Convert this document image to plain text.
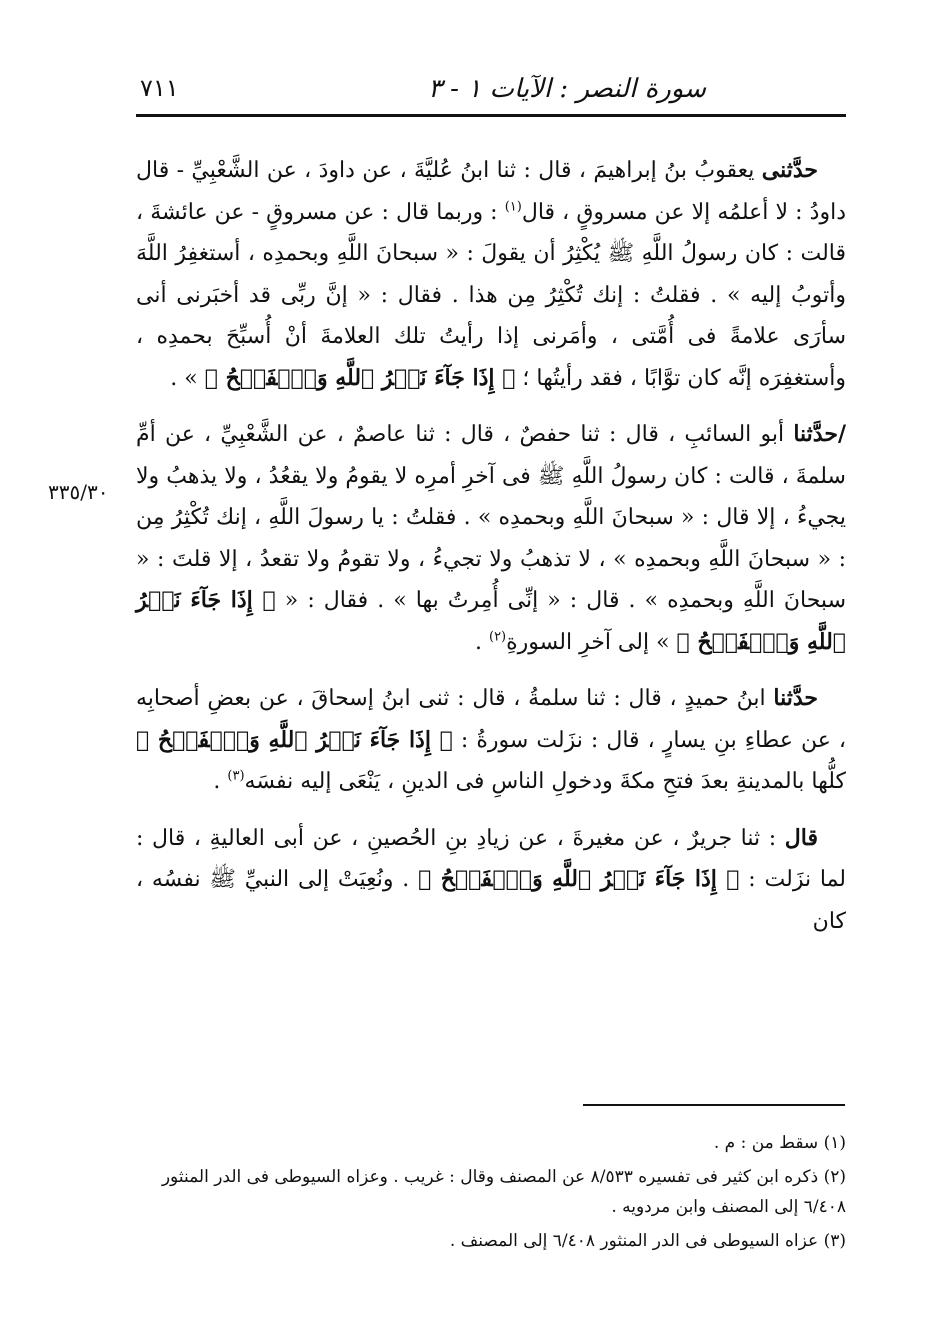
سورة النصر : الآيات ١ - ٣
٧١١
٣٣٥/٣٠

حدَّثنى يعقوبُ بنُ إبراهيمَ ، قال : ثنا ابنُ عُليَّةَ ، عن داودَ ، عن الشَّعْبِيِّ - قال داودُ : لا أعلمُه إلا عن مسروقٍ ، قال$^{(١)}$ : وربما قال : عن مسروقٍ - عن عائشةَ ، قالت : كان رسولُ اللَّهِ ﷺ يُكْثِرُ أن يقولَ : « سبحانَ اللَّهِ وبحمدِه ، أستغفِرُ اللَّهَ وأتوبُ إليه » . فقلتُ : إنك تُكْثِرُ مِن هذا . فقال : « إنَّ ربِّى قد أخبَرنى أنى سأرَى علامةً فى أُمَّتى ، وأمَرنى إذا رأيتُ تلك العلامةَ أنْ أُسبِّحَ بحمدِه ، وأستغفِرَه إنَّه كان توَّابًا ، فقد رأيتُها ؛ ﴿ إِذَا جَآءَ نَصۡرُ ٱللَّهِ وَٱلۡفَتۡحُ ﴾ » .

/حدَّثنا أبو السائبِ ، قال : ثنا حفصٌ ، قال : ثنا عاصمٌ ، عن الشَّعْبِيِّ ، عن أمِّ سلمةَ ، قالت : كان رسولُ اللَّهِ ﷺ فى آخرِ أمرِه لا يقومُ ولا يقعُدُ ، ولا يذهبُ ولا يجيءُ ، إلا قال : « سبحانَ اللَّهِ وبحمدِه » . فقلتُ : يا رسولَ اللَّهِ ، إنك تُكْثِرُ مِن : « سبحانَ اللَّهِ وبحمدِه » ، لا تذهبُ ولا تجيءُ ، ولا تقومُ ولا تقعدُ ، إلا قلتَ : « سبحانَ اللَّهِ وبحمدِه » . قال : « إنِّى أُمِرتُ بها » . فقال : « ﴿ إِذَا جَآءَ نَصۡرُ ٱللَّهِ وَٱلۡفَتۡحُ ﴾ » إلى آخرِ السورةِ$^{(٢)}$ .

حدَّثنا ابنُ حميدٍ ، قال : ثنا سلمةُ ، قال : ثنى ابنُ إسحاقَ ، عن بعضِ أصحابِه ، عن عطاءِ بنِ يسارٍ ، قال : نزَلت سورةُ : ﴿ إِذَا جَآءَ نَصۡرُ ٱللَّهِ وَٱلۡفَتۡحُ ﴾ كلُّها بالمدينةِ بعدَ فتحِ مكةَ ودخولِ الناسِ فى الدينِ ، يَنْعَى إليه نفسَه$^{(٣)}$ .

قال : ثنا جريرٌ ، عن مغيرةَ ، عن زيادِ بنِ الحُصينِ ، عن أبى العاليةِ ، قال : لما نزَلت : ﴿ إِذَا جَآءَ نَصۡرُ ٱللَّهِ وَٱلۡفَتۡحُ ﴾ . ونُعِيَتْ إلى النبيِّ ﷺ نفسُه ، كان

(١) سقط من : م .
(٢) ذكره ابن كثير فى تفسيره ٨/٥٣٣ عن المصنف وقال : غريب . وعزاه السيوطى فى الدر المنثور ٦/٤٠٨ إلى المصنف وابن مردويه .
(٣) عزاه السيوطى فى الدر المنثور ٦/٤٠٨ إلى المصنف .
